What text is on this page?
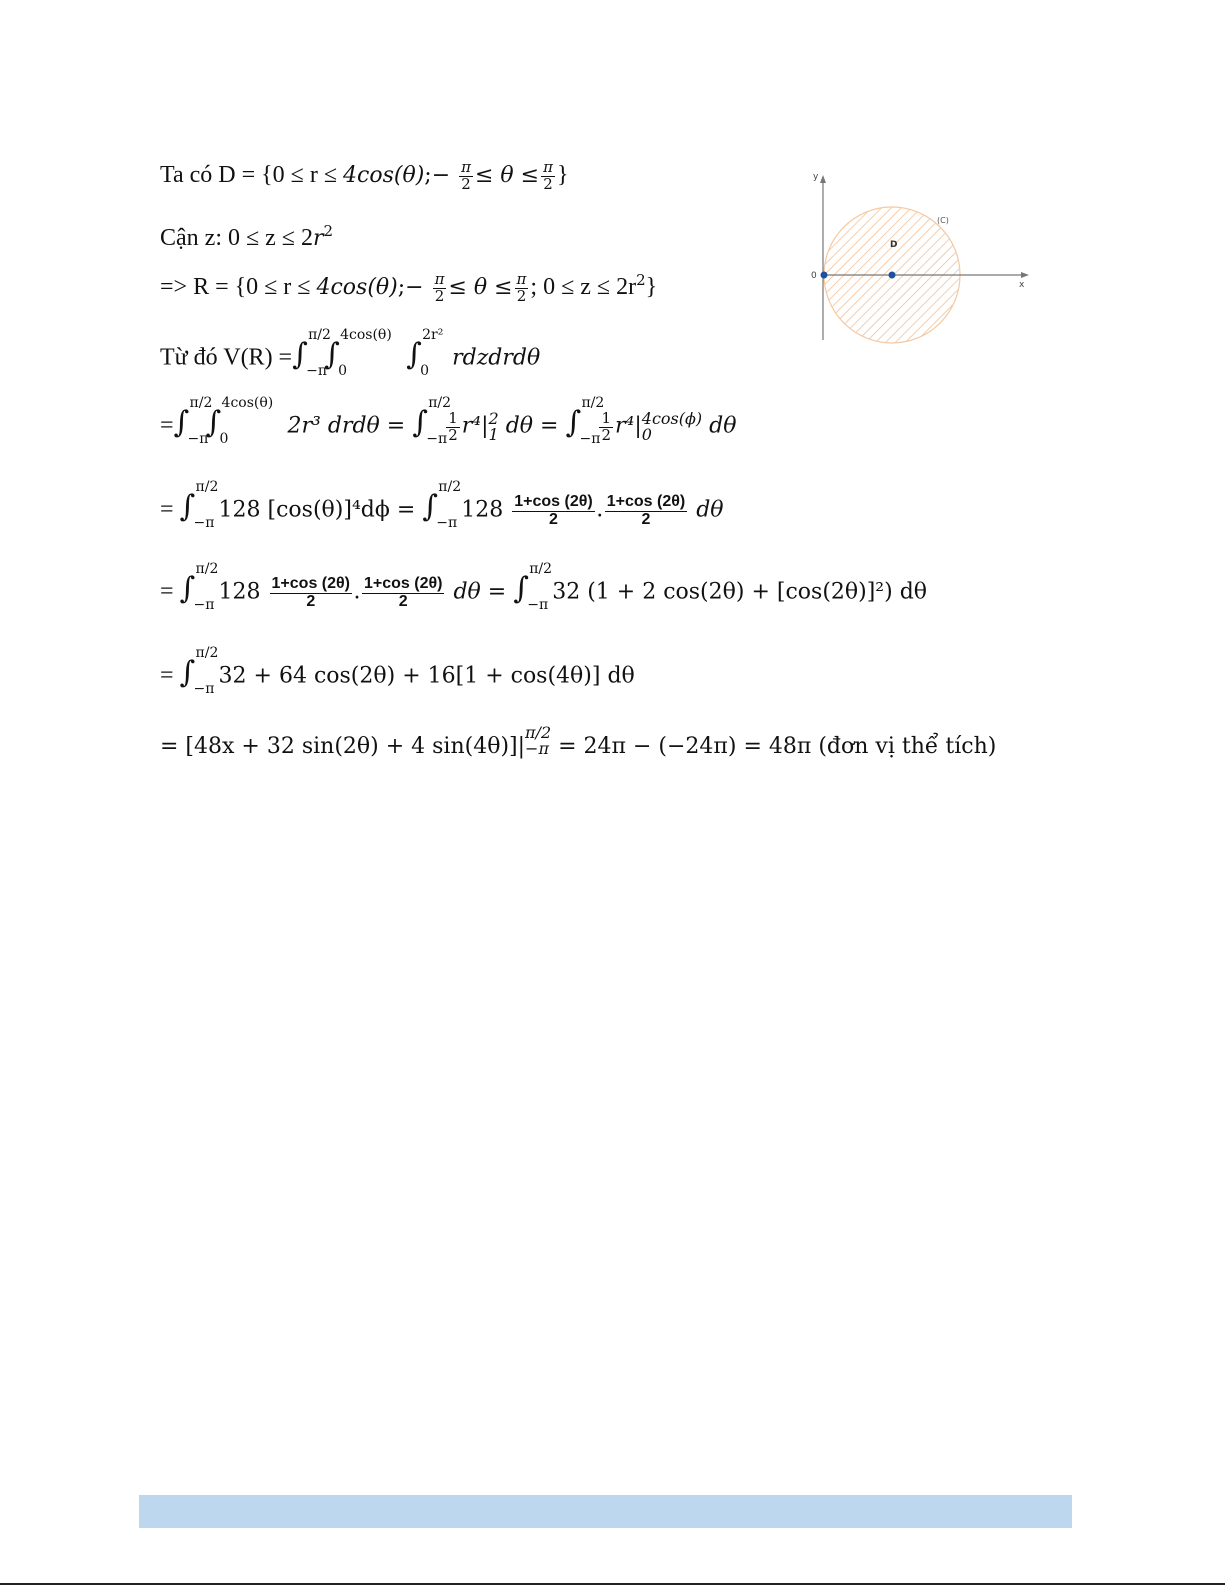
Ta có D = {0 ≤ r ≤ 4cos(θ);− $\frac{\pi}{2} \le \theta \le \frac{\pi}{2}$ }
Cận z: $0 \le z \le 2r^2$
=> R = {0 ≤ r ≤ 4cos(θ);− $\frac{\pi}{2} \le \theta \le \frac{\pi}{2}$ ; $0 \le z \le 2r^2$}
Từ đó V(R) = ∫
π/2
−π
∫
4cos(θ)
0 ∫
2r²
0
rdzdrdθ
= ∫
π/2
−π
∫
4cos(θ)
0
2r³ drdθ = ∫
π/2
$-\pi \frac{1}{2} r^4|$ 2
1 dθ = ∫
π/2
$-\pi \frac{1}{2} r^4|$ 4cos(ϕ)
0	dθ
= ∫
π/2
−π
128 [cos(θ)]⁴dϕ = ∫
π/2
−π
$128 \frac{1+\cos (2\theta)}{2}$ . $\frac{1+\cos (2\theta)}{2}$ dθ
= ∫
π/2
−π
$128 \frac{1+\cos (2\theta)}{2}$ . $\frac{1+\cos (2\theta)}{2}$ dθ = ∫
π/2
−π
32 (1 + 2 cos(2θ) + [cos(2θ)]²) dθ
= ∫
π/2
−π
32 + 64 cos(2θ) + 16[1 + cos(4θ)] dθ
= [48x + 32 sin(2θ) + 4 sin(4θ)]|
π/2
−π = 24π − (−24π) = 48π (đơn vị thể tích)
y
x
0
D
(C)
